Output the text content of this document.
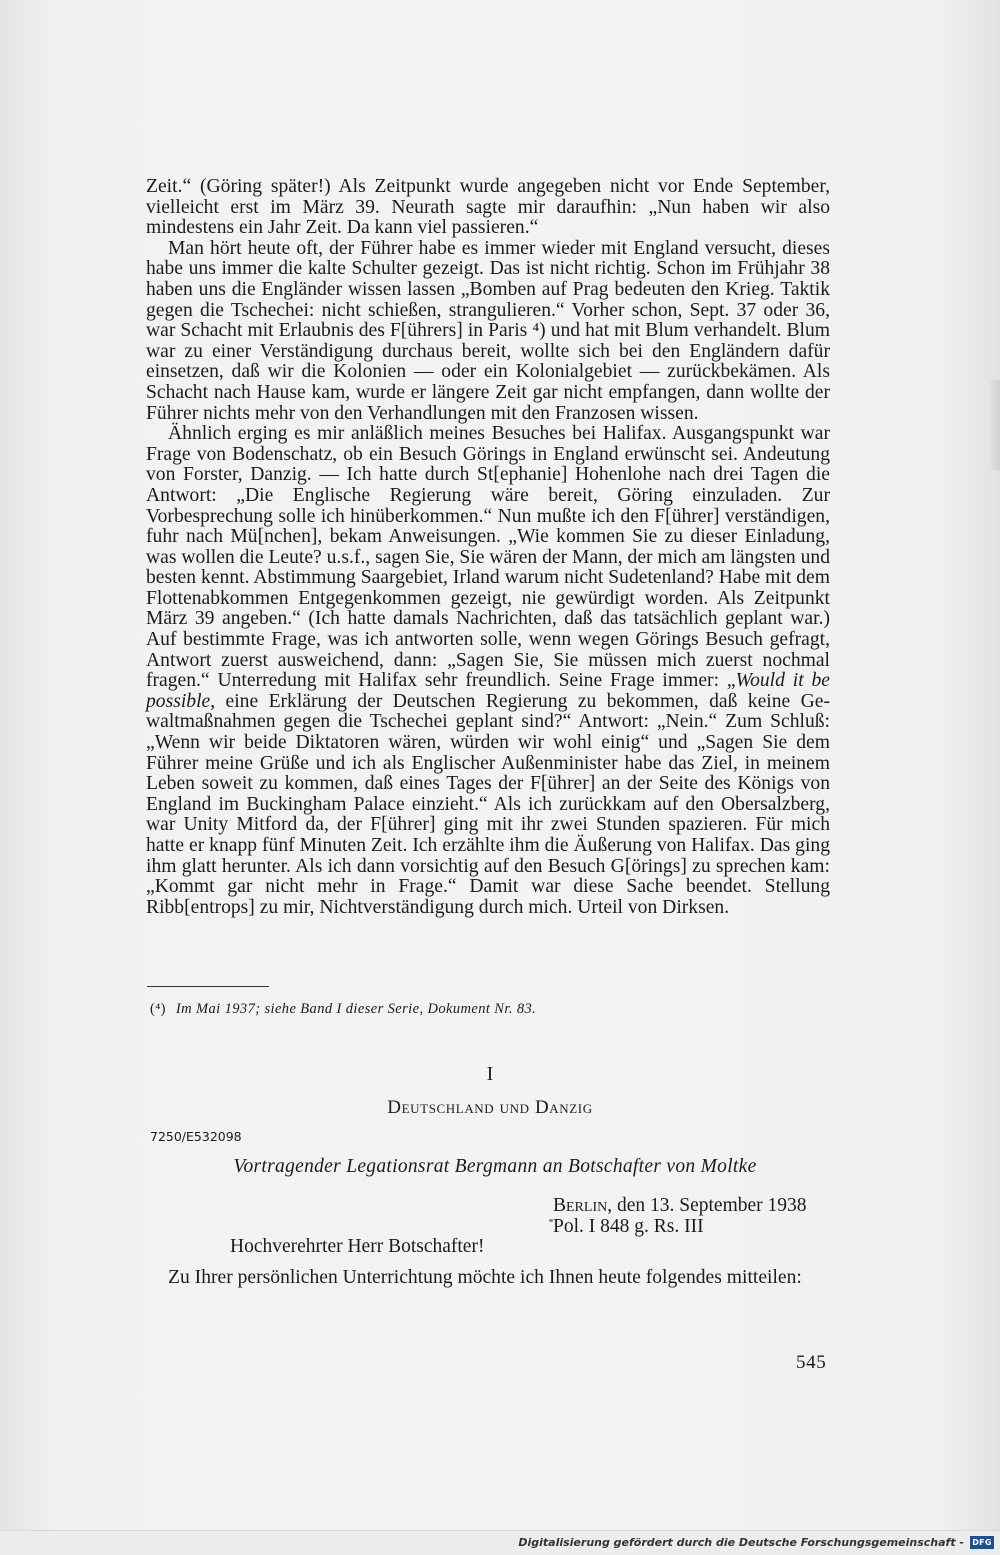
Zeit.“ (Göring später!) Als Zeitpunkt wurde angegeben nicht vor Ende September, vielleicht erst im März 39. Neurath sagte mir daraufhin: „Nun haben wir also mindestens ein Jahr Zeit. Da kann viel passieren.“

Man hört heute oft, der Führer habe es immer wieder mit England versucht, dieses habe uns immer die kalte Schulter gezeigt. Das ist nicht richtig. Schon im Frühjahr 38 haben uns die Engländer wissen lassen „Bomben auf Prag bedeuten den Krieg. Taktik gegen die Tschechei: nicht schießen, strangulieren.“ Vorher schon, Sept. 37 oder 36, war Schacht mit Erlaubnis des F[ührers] in Paris ⁴) und hat mit Blum verhandelt. Blum war zu einer Verständigung durchaus bereit, wollte sich bei den Engländern dafür einsetzen, daß wir die Kolonien — oder ein Kolonialgebiet — zurückbekämen. Als Schacht nach Hause kam, wurde er längere Zeit gar nicht empfangen, dann wollte der Führer nichts mehr von den Verhandlungen mit den Franzosen wissen.

Ähnlich erging es mir anläßlich meines Besuches bei Halifax. Ausgangspunkt war Frage von Bodenschatz, ob ein Besuch Görings in England erwünscht sei. Andeutung von Forster, Danzig. — Ich hatte durch St[ephanie] Hohenlohe nach drei Tagen die Antwort: „Die Englische Regierung wäre bereit, Göring einzuladen. Zur Vorbesprechung solle ich hinüberkommen.“ Nun mußte ich den F[ührer] verständigen, fuhr nach Mü[nchen], bekam Anweisungen. „Wie kommen Sie zu dieser Einladung, was wollen die Leute? u.s.f., sagen Sie, Sie wären der Mann, der mich am längsten und besten kennt. Abstimmung Saargebiet, Irland warum nicht Sudetenland? Habe mit dem Flottenabkommen Entgegenkommen gezeigt, nie gewürdigt worden. Als Zeitpunkt März 39 angeben.“ (Ich hatte damals Nachrichten, daß das tatsächlich geplant war.) Auf bestimmte Frage, was ich antworten solle, wenn wegen Görings Besuch gefragt, Antwort zuerst ausweichend, dann: „Sagen Sie, Sie müssen mich zuerst nochmal fragen.“ Unterredung mit Halifax sehr freundlich. Seine Frage immer: „Would it be possible, eine Erklärung der Deutschen Regierung zu bekommen, daß keine Gewaltmaßnahmen gegen die Tschechei geplant sind?“ Antwort: „Nein.“ Zum Schluß: „Wenn wir beide Diktatoren wären, würden wir wohl einig“ und „Sagen Sie dem Führer meine Grüße und ich als Englischer Außenminister habe das Ziel, in meinem Leben soweit zu kommen, daß eines Tages der F[ührer] an der Seite des Königs von England im Buckingham Palace einzieht.“ Als ich zurückkam auf den Obersalzberg, war Unity Mitford da, der F[ührer] ging mit ihr zwei Stunden spazieren. Für mich hatte er knapp fünf Minuten Zeit. Ich erzählte ihm die Äußerung von Halifax. Das ging ihm glatt herunter. Als ich dann vorsichtig auf den Besuch G[örings] zu sprechen kam: „Kommt gar nicht mehr in Frage.“ Damit war diese Sache beendet. Stellung Ribb[entrops] zu mir, Nichtverständigung durch mich. Urteil von Dirksen.

(⁴) Im Mai 1937; siehe Band I dieser Serie, Dokument Nr. 83.
I
Deutschland und Danzig
7250/E532098
Vortragender Legationsrat Bergmann an Botschafter von Moltke
Berlin, den 13. September 1938
Pol. I 848 g. Rs. III
Hochverehrter Herr Botschafter!

Zu Ihrer persönlichen Unterrichtung möchte ich Ihnen heute folgendes mitteilen:

545
Digitalisierung gefördert durch die Deutsche Forschungsgemeinschaft - DFG
